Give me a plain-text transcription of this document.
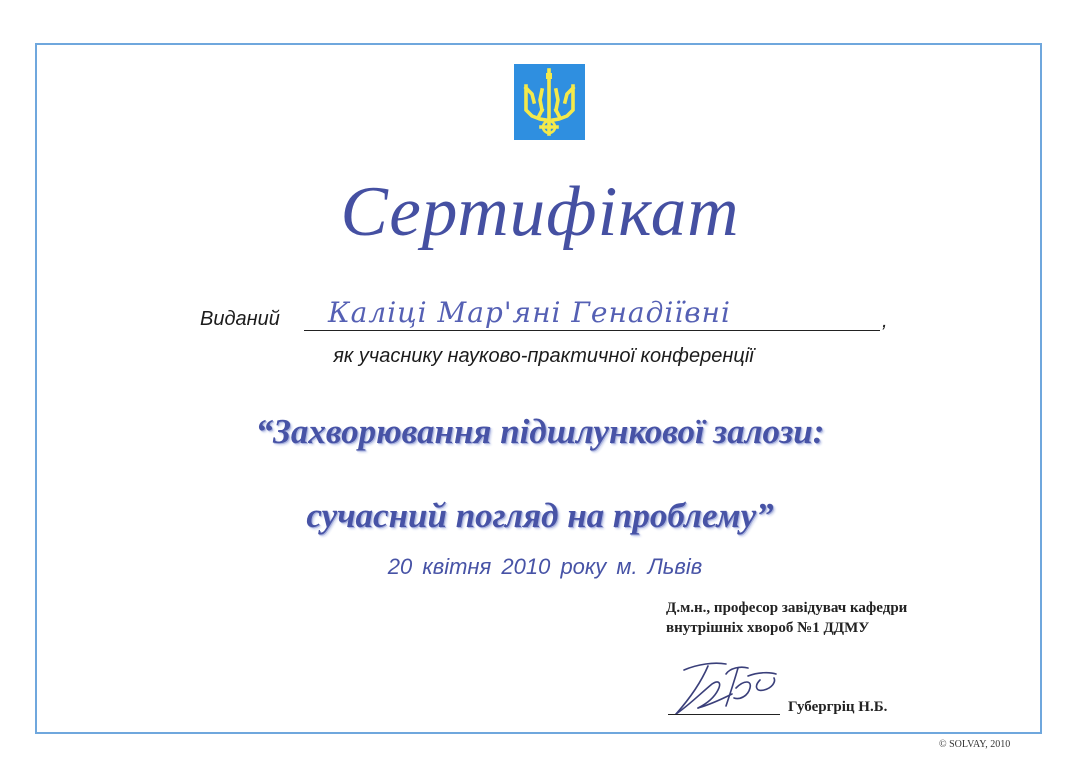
Сертифікат
Виданий Каліці Мар'яні Генадіївні	,
як учаснику науково-практичної конференції
“Захворювання підшлункової залози:
сучасний погляд на проблему”
20 квітня 2010 року м. Львів
Д.м.н., професор завідувач кафедри
внутрішніх хвороб №1 ДДМУ
Губергріц Н.Б.
© SOLVAY, 2010
